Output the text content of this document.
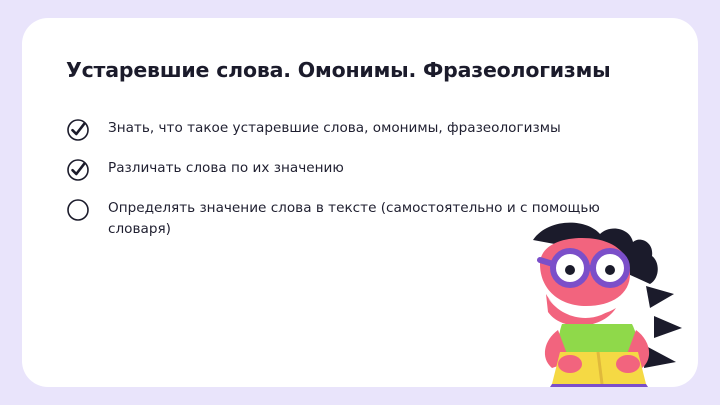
Устаревшие слова. Омонимы. Фразеологизмы
Знать, что такое устаревшие слова, омонимы, фразеологизмы
Различать слова по их значению
Определять значение слова в тексте (самостоятельно и с помощью словаря)
